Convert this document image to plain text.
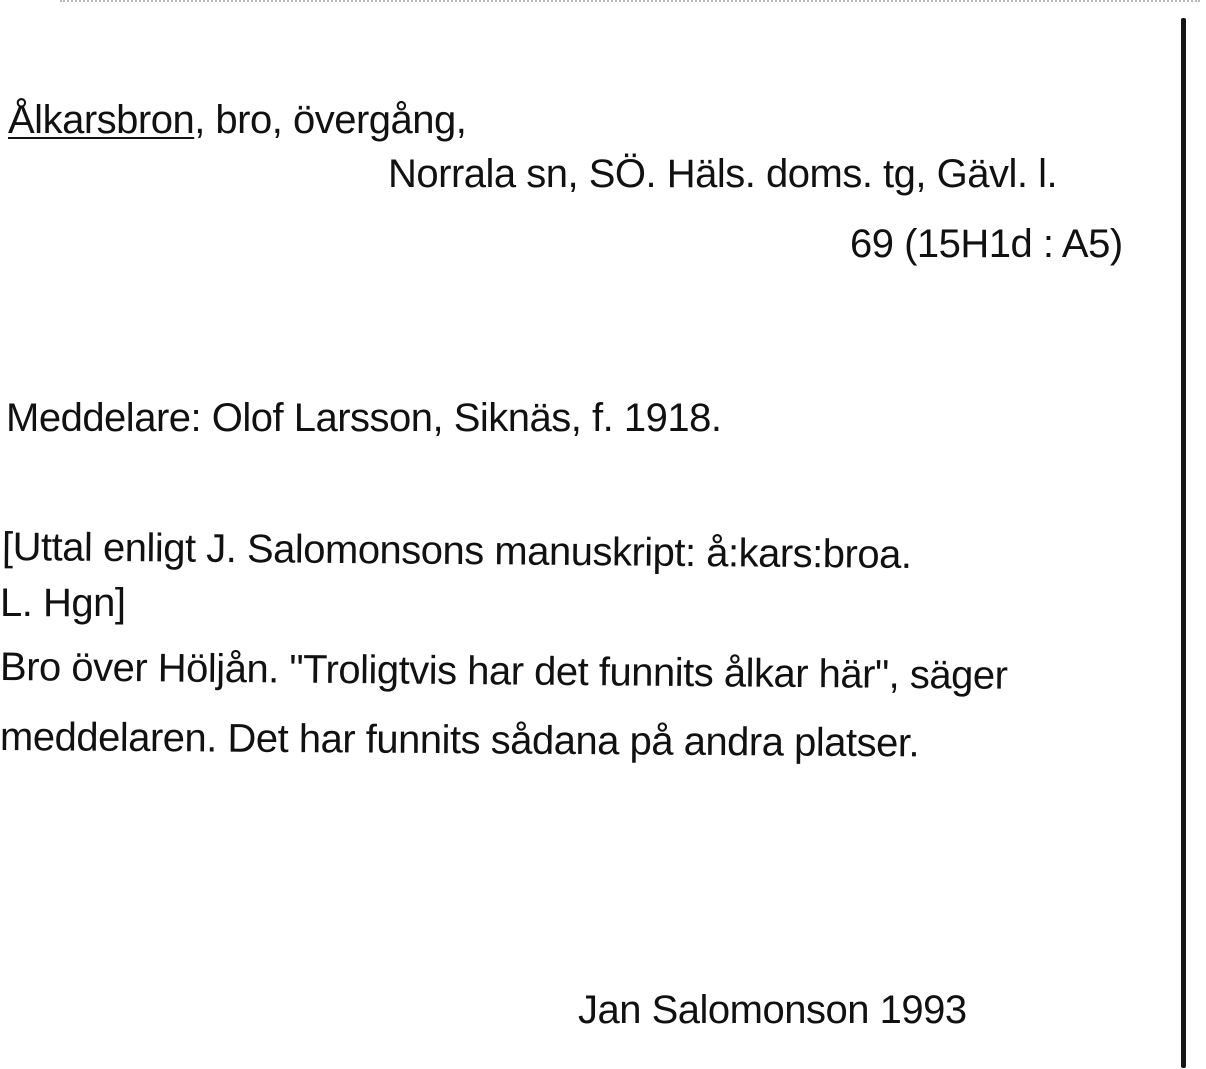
Ålkarsbron, bro, övergång,
Norrala sn, SÖ. Häls. doms. tg, Gävl. l.
69 (15H1d : A5)
Meddelare: Olof Larsson, Siknäs, f. 1918.
[Uttal enligt J. Salomonsons manuskript: å:kars:broa.
L. Hgn]
Bro över Höljån. "Troligtvis har det funnits ålkar här", säger
meddelaren. Det har funnits sådana på andra platser.
Jan Salomonson 1993
